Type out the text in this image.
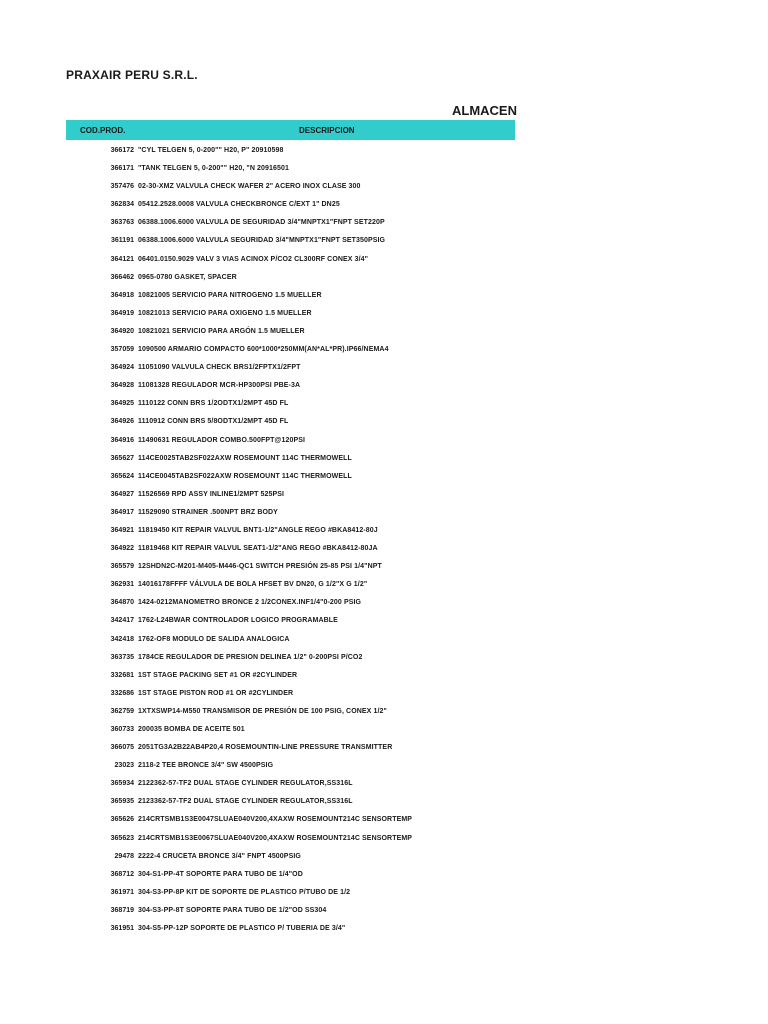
PRAXAIR PERU S.R.L.
ALMACEN
COD.PROD.	DESCRIPCION
366172 "CYL TELGEN 5, 0-200"" H20, P" 20910598
366171 "TANK TELGEN 5, 0-200"" H20, "N 20916501
357476 02-30-XMZ VALVULA CHECK WAFER 2" ACERO INOX CLASE 300
362834 05412.2528.0008 VALVULA CHECKBRONCE C/EXT 1" DN25
363763 06388.1006.6000 VALVULA DE SEGURIDAD 3/4"MNPTX1"FNPT SET220P
361191 06388.1006.6000 VALVULA SEGURIDAD 3/4"MNPTX1"FNPT SET350PSIG
364121 06401.0150.9029 VALV 3 VIAS ACINOX P/CO2 CL300RF CONEX 3/4"
366462 0965-0780 GASKET, SPACER
364918 10821005 SERVICIO PARA NITROGENO 1.5 MUELLER
364919 10821013 SERVICIO PARA OXIGENO 1.5 MUELLER
364920 10821021 SERVICIO PARA ARGÓN 1.5 MUELLER
357059 1090500 ARMARIO COMPACTO 600*1000*250MM(AN*AL*PR).IP66/NEMA4
364924 11051090 VALVULA CHECK BRS1/2FPTX1/2FPT
364928 11081328 REGULADOR MCR-HP300PSI PBE-3A
364925 1110122 CONN BRS 1/2ODTX1/2MPT 45D FL
364926 1110912 CONN BRS 5/8ODTX1/2MPT 45D FL
364916 11490631 REGULADOR COMBO.500FPT@120PSI
365627 114CE0025TAB2SF022AXW ROSEMOUNT 114C THERMOWELL
365624 114CE0045TAB2SF022AXW ROSEMOUNT 114C THERMOWELL
364927 11526569 RPD ASSY INLINE1/2MPT 525PSI
364917 11529090 STRAINER .500NPT BRZ BODY
364921 11819450 KIT REPAIR VALVUL BNT1-1/2"ANGLE REGO #BKA8412-80J
364922 11819468 KIT REPAIR VALVUL SEAT1-1/2"ANG REGO #BKA8412-80JA
365579 12SHDN2C-M201-M405-M446-QC1 SWITCH PRESIÓN 25-85 PSI 1/4"NPT
362931 14016178FFFF VÁLVULA DE BOLA HFSET BV DN20, G 1/2"X G 1/2"
364870 1424-0212MANOMETRO BRONCE 2 1/2CONEX.INF1/4"0-200 PSIG
342417 1762-L24BWAR CONTROLADOR LOGICO PROGRAMABLE
342418 1762-OF8 MODULO DE SALIDA ANALOGICA
363735 1784CE REGULADOR DE PRESION DELINEA 1/2" 0-200PSI P/CO2
332681 1ST STAGE PACKING SET #1 OR #2CYLINDER
332686 1ST STAGE PISTON ROD #1 OR #2CYLINDER
362759 1XTXSWP14-M550 TRANSMISOR DE PRESIÓN DE 100 PSIG, CONEX 1/2"
360733 200035 BOMBA DE ACEITE 501
366075 2051TG3A2B22AB4P20,4 ROSEMOUNTIN-LINE PRESSURE TRANSMITTER
23023 2118-2 TEE BRONCE 3/4" SW 4500PSIG
365934 2122362-57-TF2 DUAL STAGE CYLINDER REGULATOR,SS316L
365935 2123362-57-TF2 DUAL STAGE CYLINDER REGULATOR,SS316L
365626 214CRTSMB1S3E0047SLUAE040V200,4XAXW ROSEMOUNT214C SENSORTEMP
365623 214CRTSMB1S3E0067SLUAE040V200,4XAXW ROSEMOUNT214C SENSORTEMP
29478 2222-4 CRUCETA BRONCE 3/4" FNPT 4500PSIG
368712 304-S1-PP-4T SOPORTE PARA TUBO DE 1/4"OD
361971 304-S3-PP-8P KIT DE SOPORTE DE PLASTICO P/TUBO DE 1/2
368719 304-S3-PP-8T SOPORTE PARA TUBO DE 1/2"OD SS304
361951 304-S5-PP-12P SOPORTE DE PLASTICO P/ TUBERIA DE 3/4"
